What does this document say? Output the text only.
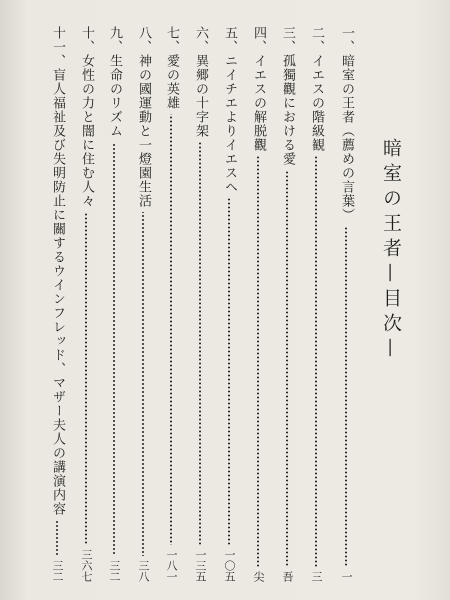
暗室の王者—目次—
一、
暗室の王者（薦めの言葉）
一
二、
イエスの階級観
三
三、
孤獨觀における愛
吾
四、
イエスの解脱觀
尖
五、
ニイチエよりイエスヘ
一〇五
六、
異郷の十字架
一三五
七、
愛の英雄
一八一
八、
神の國運動と一燈園生活
三八
九、
生命のリズム
三二
十、
女性の力と闇に住む人々
三六七
十一、
盲人福祉及び失明防止に關するウインフレッド、マザー夫人の講演内容
三二
